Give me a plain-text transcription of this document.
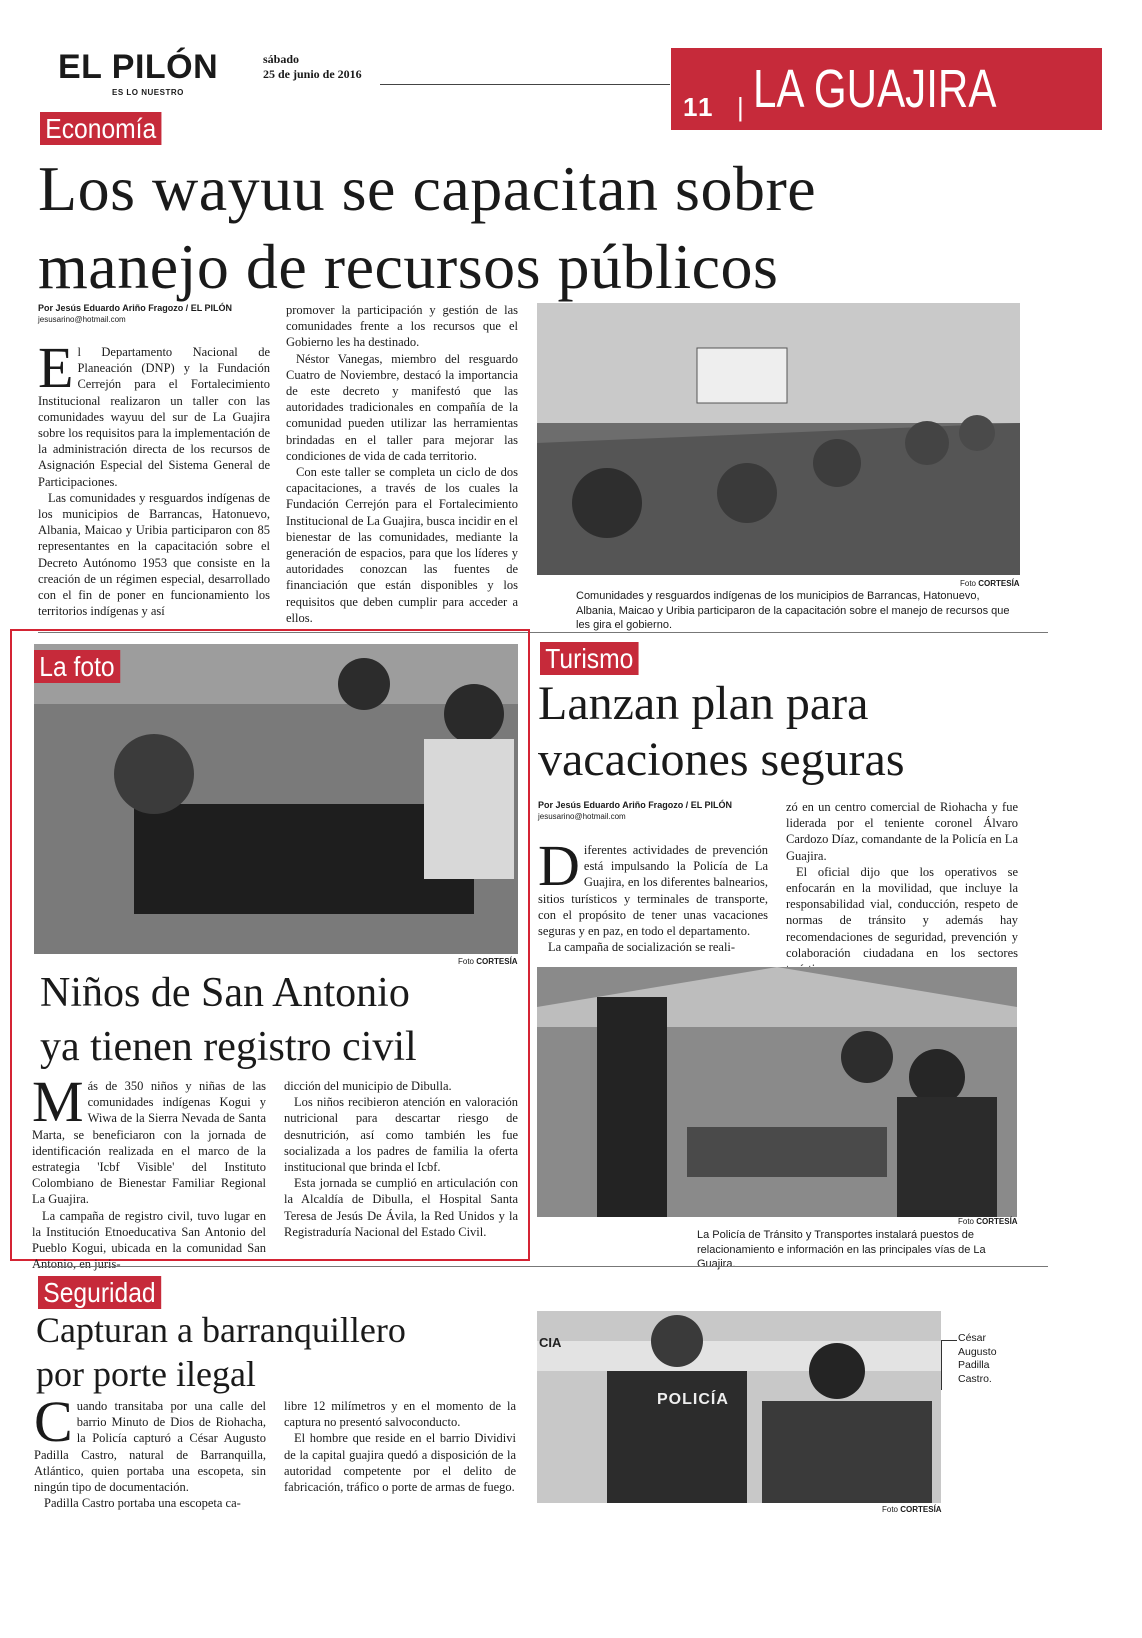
EL PILÓN
ES LO NUESTRO
sábado
25 de junio de 2016
11 | LA GUAJIRA
Economía
Los wayuu se capacitan sobre
manejo de recursos públicos
Por Jesús Eduardo Ariño Fragozo / EL PILÓN
jesusarino@hotmail.com

El Departamento Nacional de Planeación (DNP) y la Fundación Cerrejón para el Fortalecimiento Institucional realizaron un taller con las comunidades wayuu del sur de La Guajira sobre los requisitos para la implementación de la administración directa de los recursos de Asignación Especial del Sistema General de Participaciones.

Las comunidades y resguardos indígenas de los municipios de Barrancas, Hatonuevo, Albania, Maicao y Uribia participaron con 85 representantes en la capacitación sobre el Decreto Autónomo 1953 que consiste en la creación de un régimen especial, desarrollado con el fin de poner en funcionamiento los territorios indígenas y así

promover la participación y gestión de las comunidades frente a los recursos que el Gobierno les ha destinado.

Néstor Vanegas, miembro del resguardo Cuatro de Noviembre, destacó la importancia de este decreto y manifestó que las autoridades tradicionales en compañía de la comunidad pueden utilizar las herramientas brindadas en el taller para mejorar las condiciones de vida de cada territorio.

Con este taller se completa un ciclo de dos capacitaciones, a través de los cuales la Fundación Cerrejón para el Fortalecimiento Institucional de La Guajira, busca incidir en el bienestar de las comunidades, mediante la generación de espacios, para que los líderes y autoridades conozcan las fuentes de financiación que están disponibles y los requisitos que deben cumplir para acceder a ellos.

Foto CORTESÍA
Comunidades y resguardos indígenas de los municipios de Barrancas, Hatonuevo, Albania, Maicao y Uribia participaron de la capacitación sobre el manejo de recursos que les gira el gobierno.
La foto
Foto CORTESÍA
Niños de San Antonio
ya tienen registro civil

Más de 350 niños y niñas de las comunidades indígenas Kogui y Wiwa de la Sierra Nevada de Santa Marta, se beneficiaron con la jornada de identificación realizada en el marco de la estrategia 'Icbf Visible' del Instituto Colombiano de Bienestar Familiar Regional La Guajira.

La campaña de registro civil, tuvo lugar en la Institución Etnoeducativa San Antonio del Pueblo Kogui, ubicada en la comunidad San Antonio, en juris-

dicción del municipio de Dibulla.

Los niños recibieron atención en valoración nutricional para descartar riesgo de desnutrición, así como también les fue socializada a los padres de familia la oferta institucional que brinda el Icbf.

Esta jornada se cumplió en articulación con la Alcaldía de Dibulla, el Hospital Santa Teresa de Jesús De Ávila, la Red Unidos y la Registraduría Nacional del Estado Civil.

Turismo
Lanzan plan para
vacaciones seguras
Por Jesús Eduardo Ariño Fragozo / EL PILÓN
jesusarino@hotmail.com

Diferentes actividades de prevención está impulsando la Policía de La Guajira, en los diferentes balnearios, sitios turísticos y terminales de transporte, con el propósito de tener unas vacaciones seguras y en paz, en todo el departamento.

La campaña de socialización se reali-

zó en un centro comercial de Riohacha y fue liderada por el teniente coronel Álvaro Cardozo Díaz, comandante de la Policía en La Guajira.

El oficial dijo que los operativos se enfocarán en la movilidad, que incluye la responsabilidad vial, conducción, respeto de normas de tránsito y además hay recomendaciones de seguridad, prevención y colaboración ciudadana en los sectores

Foto CORTESÍA
La Policía de Tránsito y Transportes instalará puestos de relacionamiento e información en las principales vías de La Guajira.
Seguridad
Capturan a barranquillero
por porte ilegal

Cuando transitaba por una calle del barrio Minuto de Dios de Riohacha, la Policía capturó a César Augusto Padilla Castro, natural de Barranquilla, Atlántico, quien portaba una escopeta, sin ningún tipo de documentación.

Padilla Castro portaba una escopeta ca-

libre 12 milímetros y en el momento de la captura no presentó salvoconducto.

El hombre que reside en el barrio Dividivi de la capital guajira quedó a disposición de la autoridad competente por el delito de fabricación, tráfico o porte de armas de fuego.

CIA
POLICÍA
Foto CORTESÍA
César Augusto Padilla Castro.
